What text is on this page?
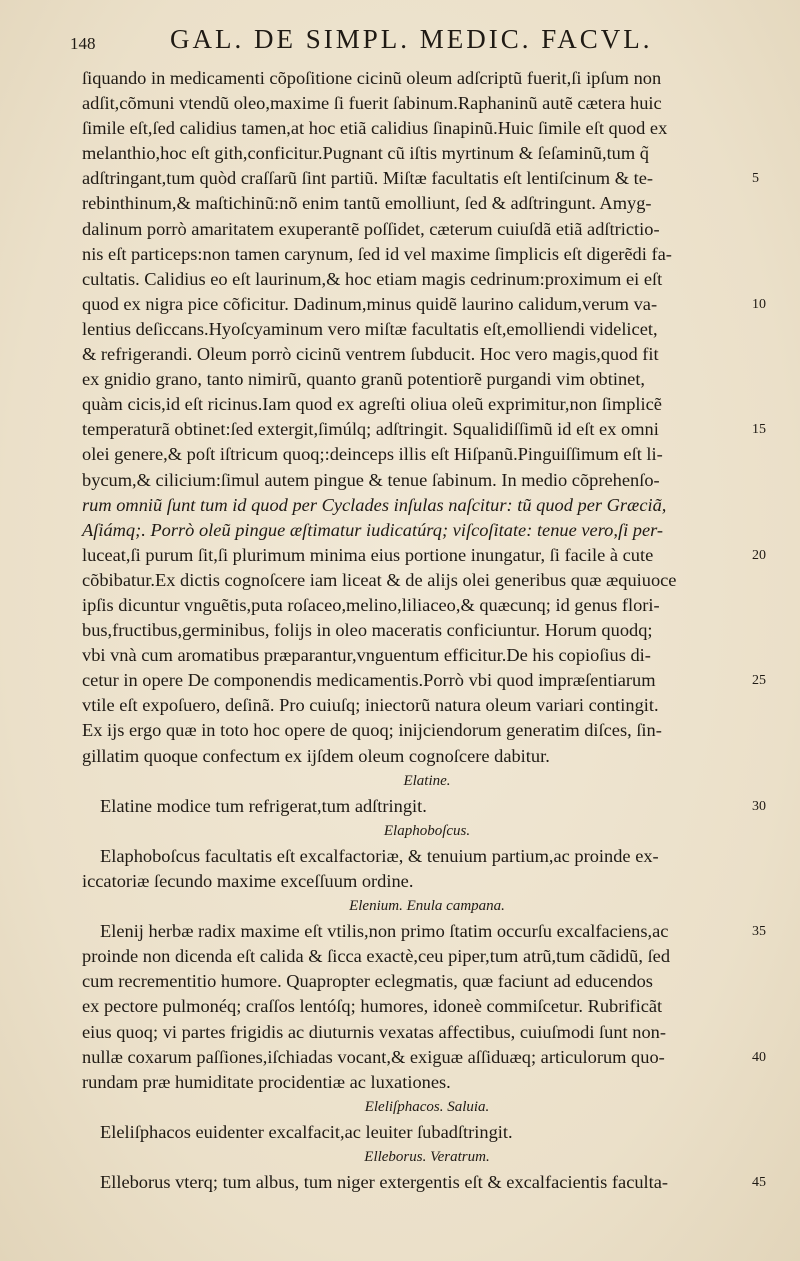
148	GAL. DE SIMPL. MEDIC. FACVL.
ſiquando in medicamenti cõpoſitione cicinũ oleum adſcriptũ fuerit,ſi ipſum non
adſit,cõmuni vtendũ oleo,maxime ſi fuerit ſabinum.Raphaninũ autẽ cætera huic
ſimile eſt,ſed calidius tamen,at hoc etiã calidius ſinapinũ.Huic ſimile eſt quod ex
melanthio,hoc eſt gith,conficitur.Pugnant cũ iſtis myrtinum & ſeſaminũ,tum q̃
adſtringant,tum quòd craſſarũ ſint partiũ. Miſtæ facultatis eſt lentiſcinum & te-	5
rebinthinum,& maſtichinũ:nõ enim tantũ emolliunt, ſed & adſtringunt. Amyg-
dalinum porrò amaritatem exuperantẽ poſſidet, cæterum cuiuſdã etiã adſtrictio-
nis eſt particeps:non tamen carynum, ſed id vel maxime ſimplicis eſt digerẽdi fa-
cultatis. Calidius eo eſt laurinum,& hoc etiam magis cedrinum:proximum ei eſt
quod ex nigra pice cõficitur. Dadinum,minus quidẽ laurino calidum,verum va-	10
lentius deſiccans.Hyoſcyaminum vero miſtæ facultatis eſt,emolliendi videlicet,
& refrigerandi. Oleum porrò cicinũ ventrem ſubducit. Hoc vero magis,quod fit
ex gnidio grano, tanto nimirũ, quanto granũ potentiorẽ purgandi vim obtinet,
quàm cicis,id eſt ricinus.Iam quod ex agreſti oliua oleũ exprimitur,non ſimplicẽ
temperaturã obtinet:ſed extergit,ſimúlq; adſtringit. Squalidiſſimũ id eſt ex omni	15
olei genere,& poſt iſtricum quoq;:deinceps illis eſt Hiſpanũ.Pinguiſſimum eſt li-
bycum,& cilicium:ſimul autem pingue & tenue ſabinum. In medio cõprehenſo-
rum omniũ ſunt tum id quod per Cyclades inſulas naſcitur: tũ quod per Græciã,
Aſiámq;. Porrò oleũ pingue æſtimatur iudicatúrq; viſcoſitate: tenue vero,ſi per-
luceat,ſi purum ſit,ſi plurimum minima eius portione inungatur, ſi facile à cute	20
cõbibatur.Ex dictis cognoſcere iam liceat & de alijs olei generibus quæ æquiuoce
ipſis dicuntur vnguẽtis,puta roſaceo,melino,liliaceo,& quæcunq; id genus flori-
bus,fructibus,germinibus, folijs in oleo maceratis conficiuntur. Horum quodq;
vbi vnà cum aromatibus præparantur,vnguentum efficitur.De his copioſius di-
cetur in opere De componendis medicamentis.Porrò vbi quod impræſentiarum	25
vtile eſt expoſuero, deſinã. Pro cuiuſq; iniectorũ natura oleum variari contingit.
Ex ijs ergo quæ in toto hoc opere de quoq; inijciendorum generatim diſces, ſin-
gillatim quoque confectum ex ijſdem oleum cognoſcere dabitur.
Elatine.
Elatine modice tum refrigerat,tum adſtringit.	30
Elaphoboſcus.
Elaphoboſcus facultatis eſt excalfactoriæ, & tenuium partium,ac proinde ex-
iccatoriæ ſecundo maxime exceſſuum ordine.
Elenium. Enula campana.
Elenij herbæ radix maxime eſt vtilis,non primo ſtatim occurſu excalfaciens,ac	35
proinde non dicenda eſt calida & ſicca exactè,ceu piper,tum atrũ,tum cãdidũ, ſed
cum recrementitio humore. Quapropter eclegmatis, quæ faciunt ad educendos
ex pectore pulmonéq; craſſos lentóſq; humores, idoneè commiſcetur. Rubrificãt
eius quoq; vi partes frigidis ac diuturnis vexatas affectibus, cuiuſmodi ſunt non-
nullæ coxarum paſſiones,iſchiadas vocant,& exiguæ aſſiduæq; articulorum quo-	40
rundam præ humiditate procidentiæ ac luxationes.
Eleliſphacos. Saluia.
Eleliſphacos euidenter excalfacit,ac leuiter ſubadſtringit.
Elleborus. Veratrum.
Elleborus vterq; tum albus, tum niger extergentis eſt & excalfacientis faculta-	45
